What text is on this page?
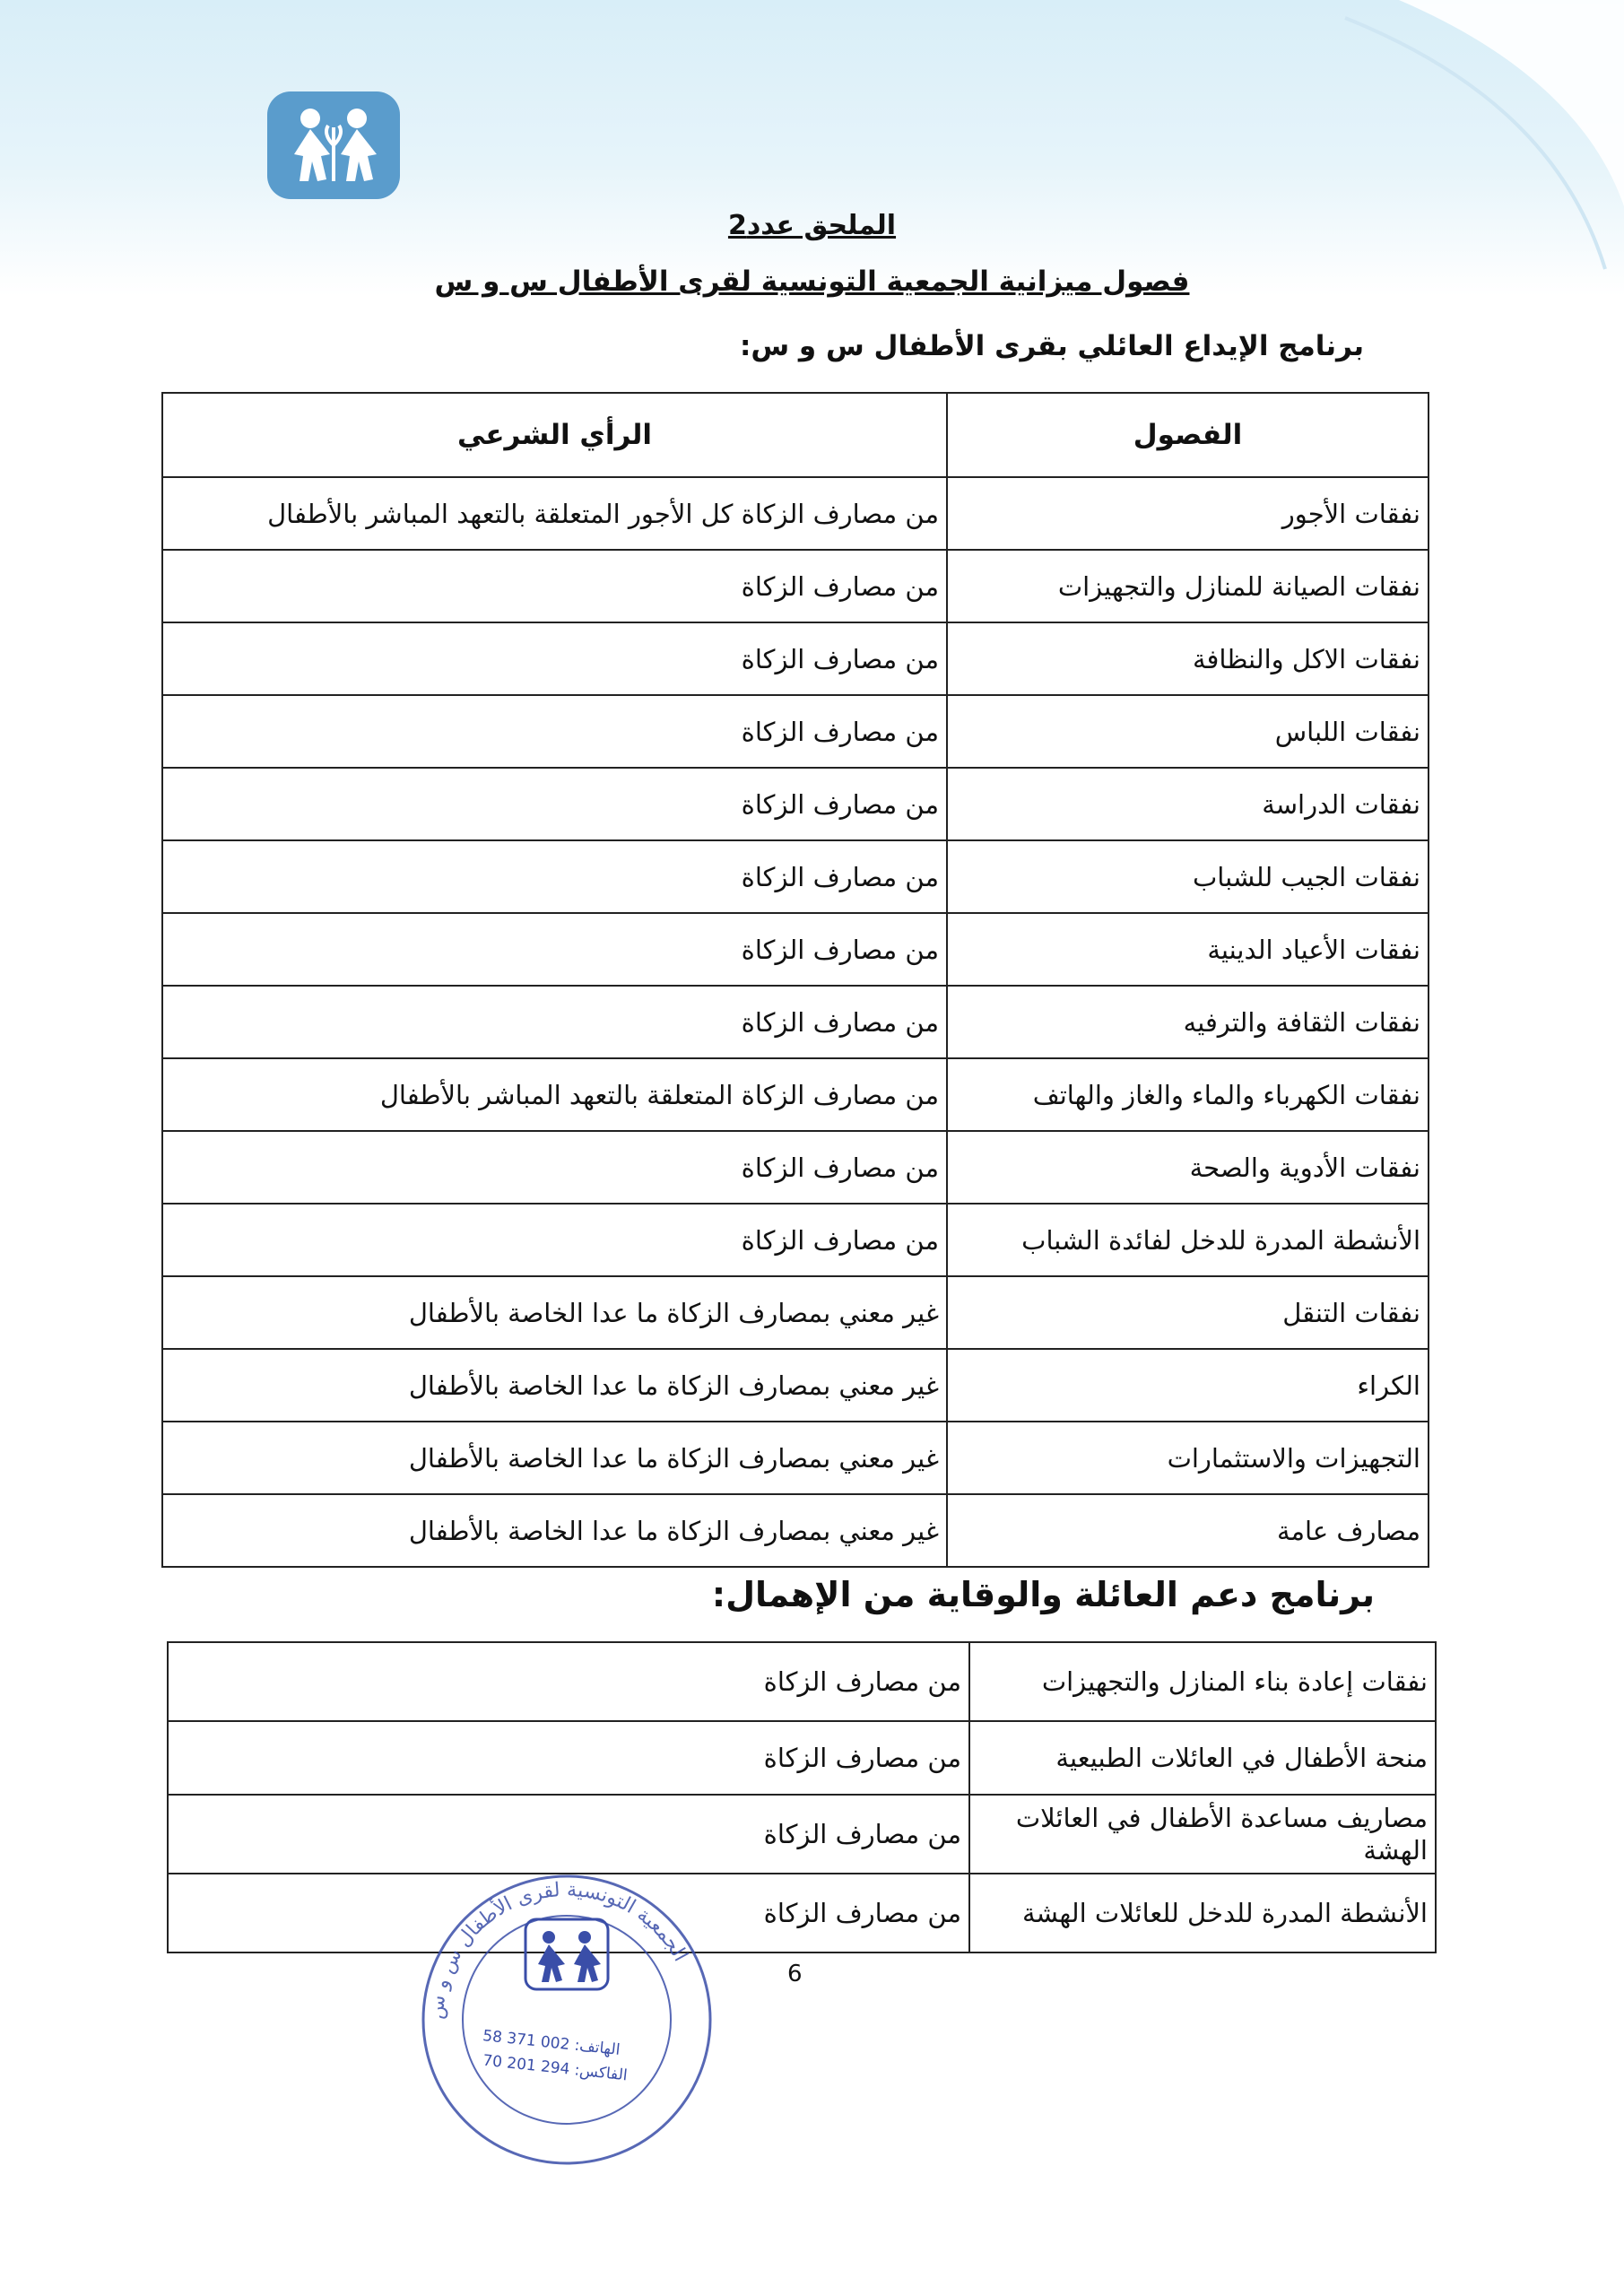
الملحق عدد2
فصول ميزانية الجمعية التونسية لقرى الأطفال س و س
برنامج الإيداع العائلي بقرى الأطفال س و س:
الفصول	الرأي الشرعي
نفقات الأجور	من مصارف الزكاة كل الأجور المتعلقة بالتعهد المباشر بالأطفال
نفقات الصيانة للمنازل والتجهيزات	من مصارف الزكاة
نفقات الاكل والنظافة	من مصارف الزكاة
نفقات اللباس	من مصارف الزكاة
نفقات الدراسة	من مصارف الزكاة
نفقات الجيب للشباب	من مصارف الزكاة
نفقات الأعياد الدينية	من مصارف الزكاة
نفقات الثقافة والترفيه	من مصارف الزكاة
نفقات الكهرباء والماء والغاز والهاتف	من مصارف الزكاة المتعلقة بالتعهد المباشر بالأطفال
نفقات الأدوية والصحة	من مصارف الزكاة
الأنشطة المدرة للدخل لفائدة الشباب	من مصارف الزكاة
نفقات التنقل	غير معني بمصارف الزكاة ما عدا الخاصة بالأطفال
الكراء	غير معني بمصارف الزكاة ما عدا الخاصة بالأطفال
التجهيزات والاستثمارات	غير معني بمصارف الزكاة ما عدا الخاصة بالأطفال
مصارف عامة	غير معني بمصارف الزكاة ما عدا الخاصة بالأطفال
برنامج دعم العائلة والوقاية من الإهمال:
نفقات إعادة بناء المنازل والتجهيزات	من مصارف الزكاة
منحة الأطفال في العائلات الطبيعية	من مصارف الزكاة
مصاريف مساعدة الأطفال في العائلات الهشة	من مصارف الزكاة
الأنشطة المدرة للدخل للعائلات الهشة	من مصارف الزكاة
الجمعية التونسية لقرى الأطفال س و س
58 371 002 :الهاتف
70 201 294 :الفاكس
6
